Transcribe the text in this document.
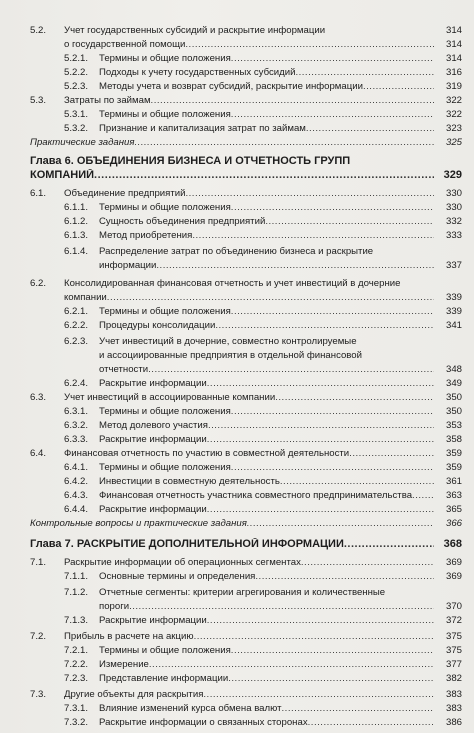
5.2. Учет государственных субсидий и раскрытие информации	314
о государственной помощи .....	314
5.2.1. Термины и общие положения .....	314
5.2.2. Подходы к учету государственных субсидий .....	316
5.2.3. Методы учета и возврат субсидий, раскрытие информации .....	319
5.3. Затраты по займам .....	322
5.3.1. Термины и общие положения .....	322
5.3.2. Признание и капитализация затрат по займам .....	323
Практические задания .....	325
Глава 6. ОБЪЕДИНЕНИЯ БИЗНЕСА И ОТЧЕТНОСТЬ ГРУПП
КОМПАНИЙ .....	329
6.1. Объединение предприятий .....	330
6.1.1. Термины и общие положения .....	330
6.1.2. Сущность объединения предприятий .....	332
6.1.3. Метод приобретения .....	333
6.1.4. Распределение затрат по объединению бизнеса и раскрытие
информации .....	337
6.2. Консолидированная финансовая отчетность и учет инвестиций в дочерние
компании .....	339
6.2.1. Термины и общие положения .....	339
6.2.2. Процедуры консолидации .....	341
6.2.3. Учет инвестиций в дочерние, совместно контролируемые
и ассоциированные предприятия в отдельной финансовой
отчетности .....	348
6.2.4. Раскрытие информации .....	349
6.3. Учет инвестиций в ассоциированные компании .....	350
6.3.1. Термины и общие положения .....	350
6.3.2. Метод долевого участия .....	353
6.3.3. Раскрытие информации .....	358
6.4. Финансовая отчетность по участию в совместной деятельности .....	359
6.4.1. Термины и общие положения .....	359
6.4.2. Инвестиции в совместную деятельность .....	361
6.4.3. Финансовая отчетность участника совместного предпринимательства .....	363
6.4.4. Раскрытие информации .....	365
Контрольные вопросы и практические задания .....	366
Глава 7. РАСКРЫТИЕ ДОПОЛНИТЕЛЬНОЙ ИНФОРМАЦИИ .....	368
7.1. Раскрытие информации об операционных сегментах .....	369
7.1.1. Основные термины и определения .....	369
7.1.2. Отчетные сегменты: критерии агрегирования и количественные
пороги .....	370
7.1.3. Раскрытие информации .....	372
7.2. Прибыль в расчете на акцию .....	375
7.2.1. Термины и общие положения .....	375
7.2.2. Измерение .....	377
7.2.3. Представление информации .....	382
7.3. Другие объекты для раскрытия .....	383
7.3.1. Влияние изменений курса обмена валют .....	383
7.3.2. Раскрытие информации о связанных сторонах .....	386
